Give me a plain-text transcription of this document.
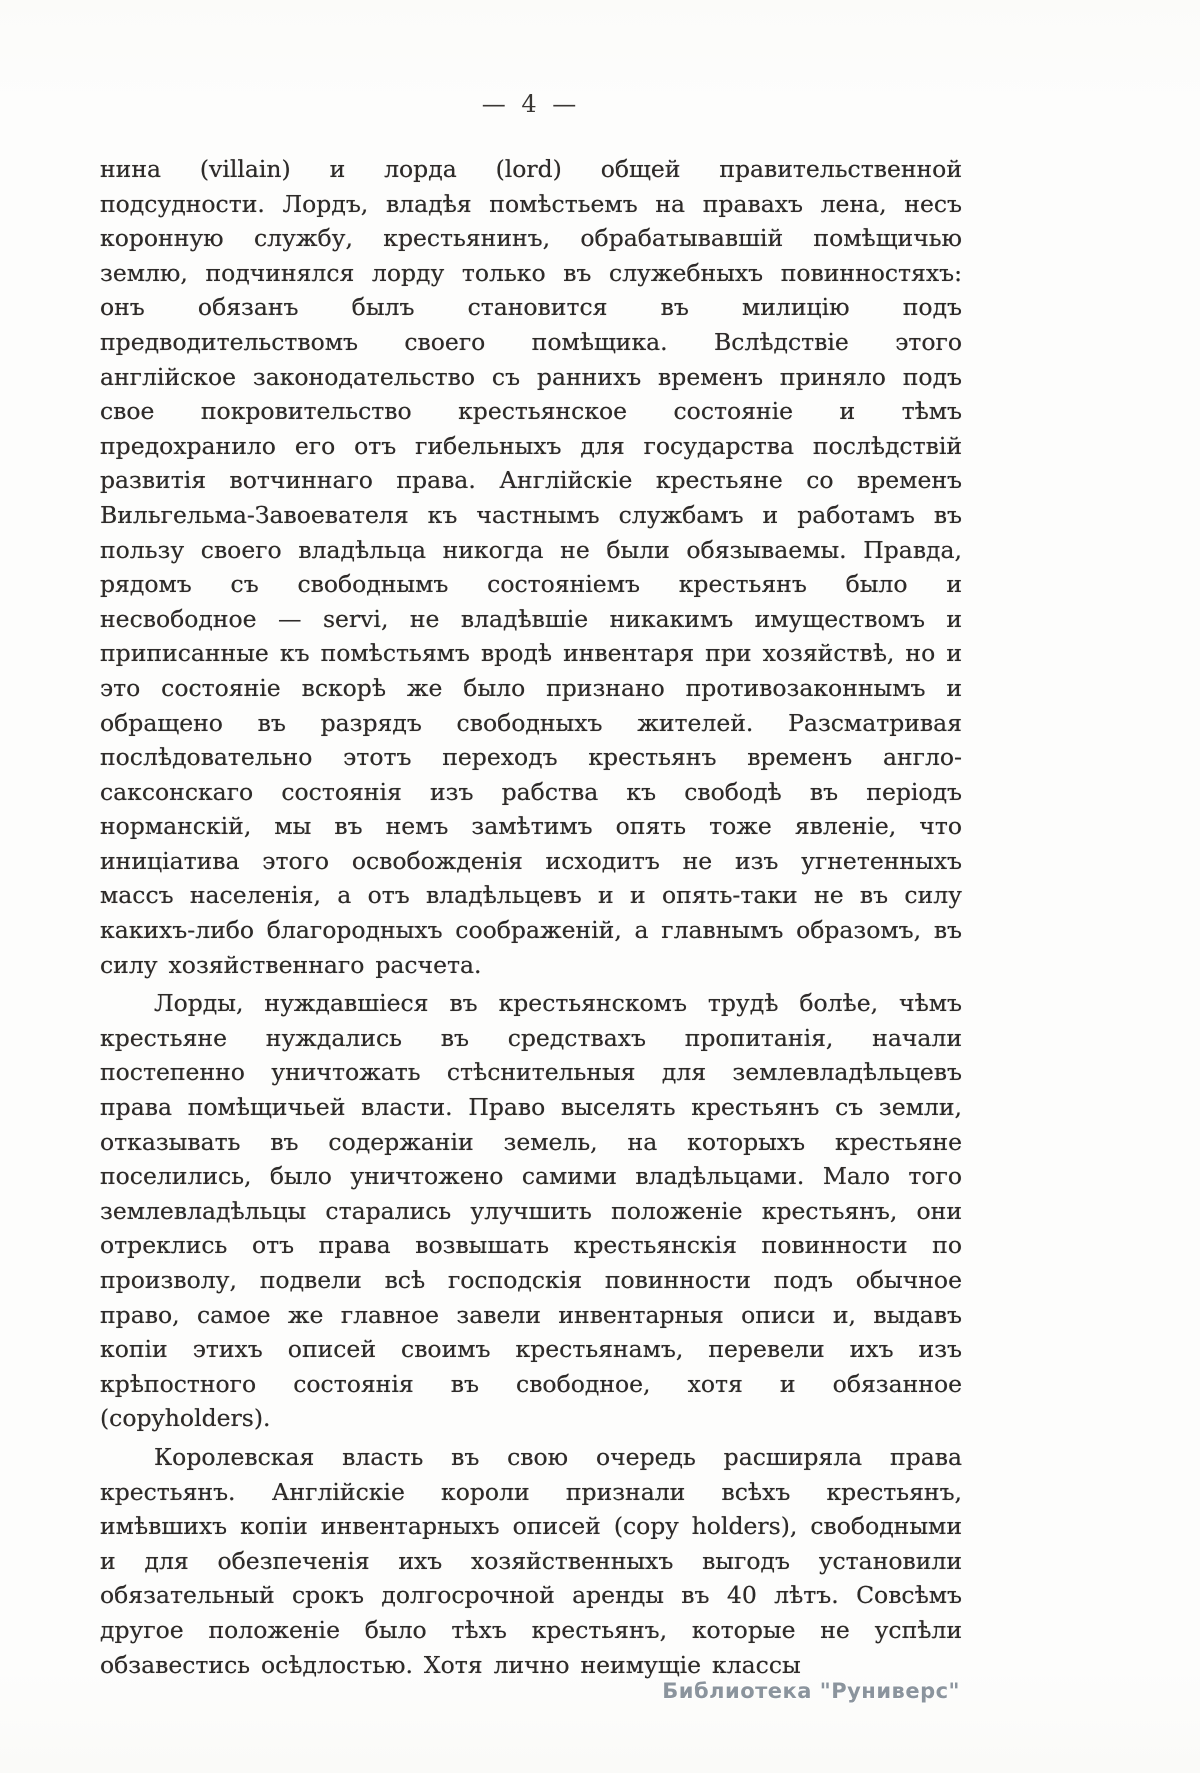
— 4 —

нина (villain) и лорда (lord) общей правительственной подсудности. Лордъ, владѣя помѣстьемъ на правахъ лена, несъ коронную службу, крестьянинъ, обрабатывавшій помѣщичью землю, подчинялся лорду только въ служебныхъ повинностяхъ: онъ обязанъ былъ становится въ милицію подъ предводительствомъ своего помѣщика. Вслѣдствіе этого англійское законодательство съ раннихъ временъ приняло подъ свое покровительство крестьянское состояніе и тѣмъ предохранило его отъ гибельныхъ для государства послѣдствій развитія вотчиннаго права. Англійскіе крестьяне со временъ Вильгельма-Завоевателя къ частнымъ службамъ и работамъ въ пользу своего владѣльца никогда не были обязываемы. Правда, рядомъ съ свободнымъ состояніемъ крестьянъ было и несвободное — servi, не владѣвшіе никакимъ имуществомъ и приписанные къ помѣстьямъ вродѣ инвентаря при хозяйствѣ, но и это состояніе вскорѣ же было признано противозаконнымъ и обращено въ разрядъ свободныхъ жителей. Разсматривая послѣдовательно этотъ переходъ крестьянъ временъ англо-саксонскаго состоянія изъ рабства къ свободѣ въ періодъ норманскій, мы въ немъ замѣтимъ опять тоже явленіе, что иниціатива этого освобожденія исходитъ не изъ угнетенныхъ массъ населенія, а отъ владѣльцевъ и и опять-таки не въ силу какихъ-либо благородныхъ соображеній, а главнымъ образомъ, въ силу хозяйственнаго расчета.

Лорды, нуждавшіеся въ крестьянскомъ трудѣ болѣе, чѣмъ крестьяне нуждались въ средствахъ пропитанія, начали постепенно уничтожать стѣснительныя для землевладѣльцевъ права помѣщичьей власти. Право выселять крестьянъ съ земли, отказывать въ содержаніи земель, на которыхъ крестьяне поселились, было уничтожено самими владѣльцами. Мало того землевладѣльцы старались улучшить положеніе крестьянъ, они отреклись отъ права возвышать крестьянскія повинности по произволу, подвели всѣ господскія повинности подъ обычное право, самое же главное завели инвентарныя описи и, выдавъ копіи этихъ описей своимъ крестьянамъ, перевели ихъ изъ крѣпостного состоянія въ свободное, хотя и обязанное (copyholders).

Королевская власть въ свою очередь расширяла права крестьянъ. Англійскіе короли признали всѣхъ крестьянъ, имѣвшихъ копіи инвентарныхъ описей (copy holders), свободными и для обезпеченія ихъ хозяйственныхъ выгодъ установили обязательный срокъ долгосрочной аренды въ 40 лѣтъ. Совсѣмъ другое положеніе было тѣхъ крестьянъ, которые не успѣли обзавестись осѣдлостью. Хотя лично неимущіе классы

Библиотека "Руниверс"
